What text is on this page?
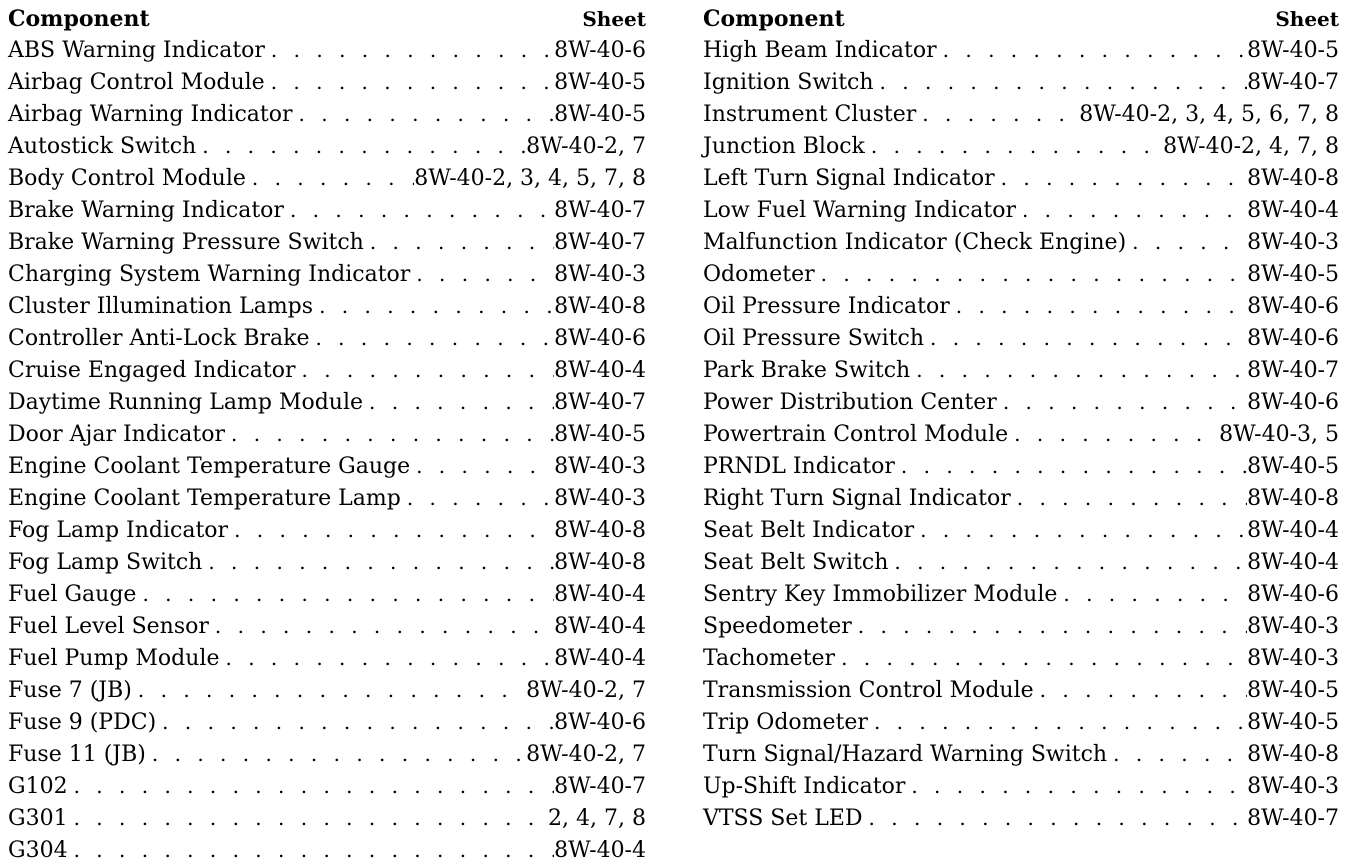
Component	Sheet
ABS Warning Indicator . . .	8W-40-6
Airbag Control Module . . .	8W-40-5
Airbag Warning Indicator . . .	8W-40-5
Autostick Switch . . .	8W-40-2, 7
Body Control Module . . .	8W-40-2, 3, 4, 5, 7, 8
Brake Warning Indicator . . .	8W-40-7
Brake Warning Pressure Switch . . .	8W-40-7
Charging System Warning Indicator . . .	8W-40-3
Cluster Illumination Lamps . . .	8W-40-8
Controller Anti-Lock Brake . . .	8W-40-6
Cruise Engaged Indicator . . .	8W-40-4
Daytime Running Lamp Module . . .	8W-40-7
Door Ajar Indicator . . .	8W-40-5
Engine Coolant Temperature Gauge . . .	8W-40-3
Engine Coolant Temperature Lamp . . .	8W-40-3
Fog Lamp Indicator . . .	8W-40-8
Fog Lamp Switch . . .	8W-40-8
Fuel Gauge . . .	8W-40-4
Fuel Level Sensor . . .	8W-40-4
Fuel Pump Module . . .	8W-40-4
Fuse 7 (JB) . . .	8W-40-2, 7
Fuse 9 (PDC) . . .	8W-40-6
Fuse 11 (JB) . . .	8W-40-2, 7
G102 . . .	8W-40-7
G301 . . .	2, 4, 7, 8
G304 . . .	8W-40-4
Component	Sheet
High Beam Indicator . . .	8W-40-5
Ignition Switch . . .	8W-40-7
Instrument Cluster . . .	8W-40-2, 3, 4, 5, 6, 7, 8
Junction Block . . .	8W-40-2, 4, 7, 8
Left Turn Signal Indicator . . .	8W-40-8
Low Fuel Warning Indicator . . .	8W-40-4
Malfunction Indicator (Check Engine) . . .	8W-40-3
Odometer . . .	8W-40-5
Oil Pressure Indicator . . .	8W-40-6
Oil Pressure Switch . . .	8W-40-6
Park Brake Switch . . .	8W-40-7
Power Distribution Center . . .	8W-40-6
Powertrain Control Module . . .	8W-40-3, 5
PRNDL Indicator . . .	8W-40-5
Right Turn Signal Indicator . . .	8W-40-8
Seat Belt Indicator . . .	8W-40-4
Seat Belt Switch . . .	8W-40-4
Sentry Key Immobilizer Module . . .	8W-40-6
Speedometer . . .	8W-40-3
Tachometer . . .	8W-40-3
Transmission Control Module . . .	8W-40-5
Trip Odometer . . .	8W-40-5
Turn Signal/Hazard Warning Switch . . .	8W-40-8
Up-Shift Indicator . . .	8W-40-3
VTSS Set LED . . .	8W-40-7
